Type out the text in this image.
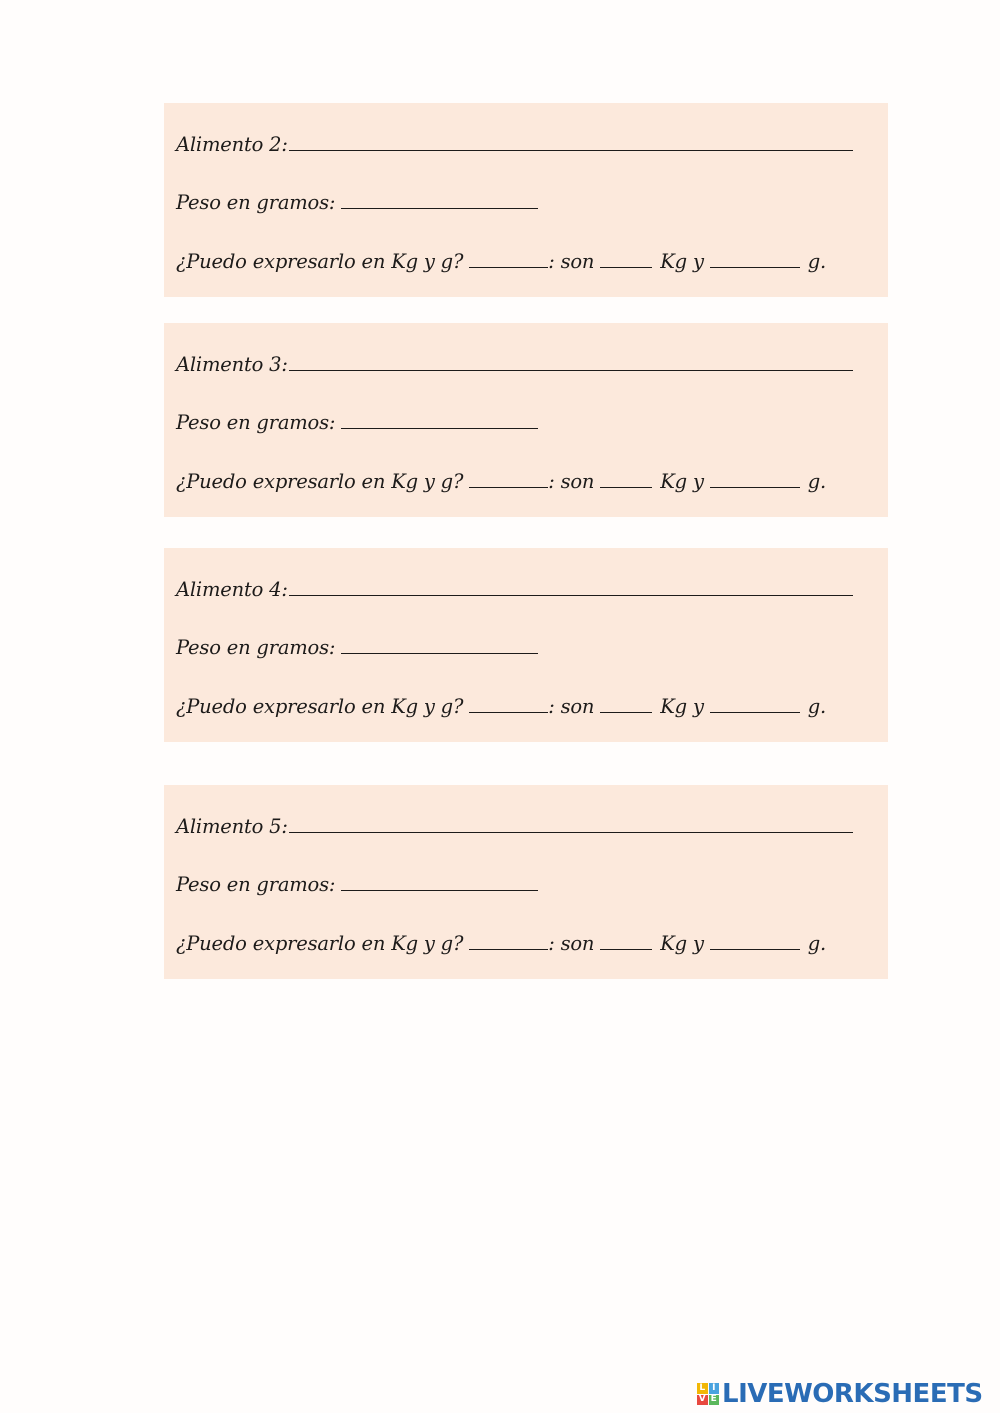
Alimento 2:
Peso en gramos:
¿Puedo expresarlo en Kg y g?	: son	Kg y	g.
Alimento 3:
Peso en gramos:
¿Puedo expresarlo en Kg y g?	: son	Kg y	g.
Alimento 4:
Peso en gramos:
¿Puedo expresarlo en Kg y g?	: son	Kg y	g.
Alimento 5:
Peso en gramos:
¿Puedo expresarlo en Kg y g?	: son	Kg y	g.
L I
V E LIVEWORKSHEETS
